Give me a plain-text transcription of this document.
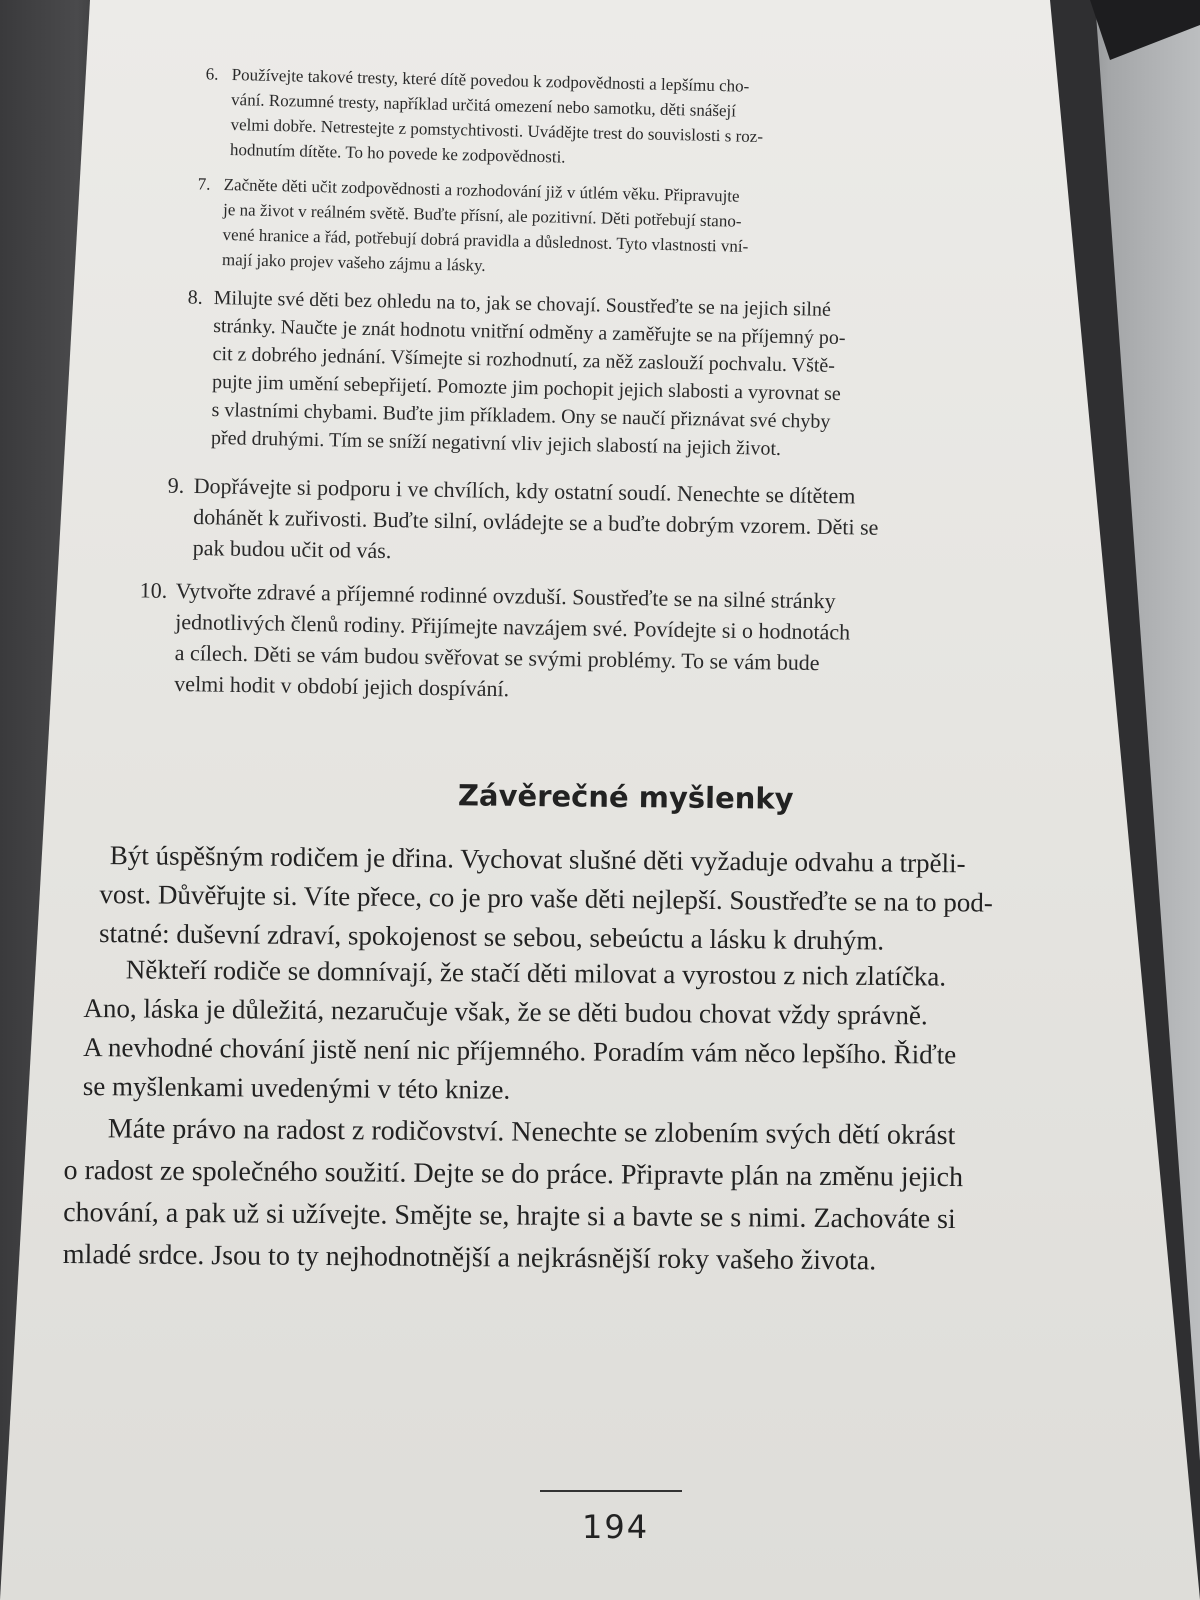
6. Používejte takové tresty, které dítě povedou k zodpovědnosti a lepšímu cho-
vání. Rozumné tresty, například určitá omezení nebo samotku, děti snášejí
velmi dobře. Netrestejte z pomstychtivosti. Uvádějte trest do souvislosti s roz-
hodnutím dítěte. To ho povede ke zodpovědnosti.
7. Začněte děti učit zodpovědnosti a rozhodování již v útlém věku. Připravujte
je na život v reálném světě. Buďte přísní, ale pozitivní. Děti potřebují stano-
vené hranice a řád, potřebují dobrá pravidla a důslednost. Tyto vlastnosti vní-
mají jako projev vašeho zájmu a lásky.
8. Milujte své děti bez ohledu na to, jak se chovají. Soustřeďte se na jejich silné
stránky. Naučte je znát hodnotu vnitřní odměny a zaměřujte se na příjemný po-
cit z dobrého jednání. Všímejte si rozhodnutí, za něž zaslouží pochvalu. Vště-
pujte jim umění sebepřijetí. Pomozte jim pochopit jejich slabosti a vyrovnat se
s vlastními chybami. Buďte jim příkladem. Ony se naučí přiznávat své chyby
před druhými. Tím se sníží negativní vliv jejich slabostí na jejich život.
9. Dopřávejte si podporu i ve chvílích, kdy ostatní soudí. Nenechte se dítětem
dohánět k zuřivosti. Buďte silní, ovládejte se a buďte dobrým vzorem. Děti se
pak budou učit od vás.
10. Vytvořte zdravé a příjemné rodinné ovzduší. Soustřeďte se na silné stránky
jednotlivých členů rodiny. Přijímejte navzájem své. Povídejte si o hodnotách
a cílech. Děti se vám budou svěřovat se svými problémy. To se vám bude
velmi hodit v období jejich dospívání.
Závěrečné myšlenky
Být úspěšným rodičem je dřina. Vychovat slušné děti vyžaduje odvahu a trpěli-
vost. Důvěřujte si. Víte přece, co je pro vaše děti nejlepší. Soustřeďte se na to pod-
statné: duševní zdraví, spokojenost se sebou, sebeúctu a lásku k druhým.
Někteří rodiče se domnívají, že stačí děti milovat a vyrostou z nich zlatíčka.
Ano, láska je důležitá, nezaručuje však, že se děti budou chovat vždy správně.
A nevhodné chování jistě není nic příjemného. Poradím vám něco lepšího. Řiďte
se myšlenkami uvedenými v této knize.
Máte právo na radost z rodičovství. Nenechte se zlobením svých dětí okrást
o radost ze společného soužití. Dejte se do práce. Připravte plán na změnu jejich
chování, a pak už si užívejte. Smějte se, hrajte si a bavte se s nimi. Zachováte si
mladé srdce. Jsou to ty nejhodnotnější a nejkrásnější roky vašeho života.
194
